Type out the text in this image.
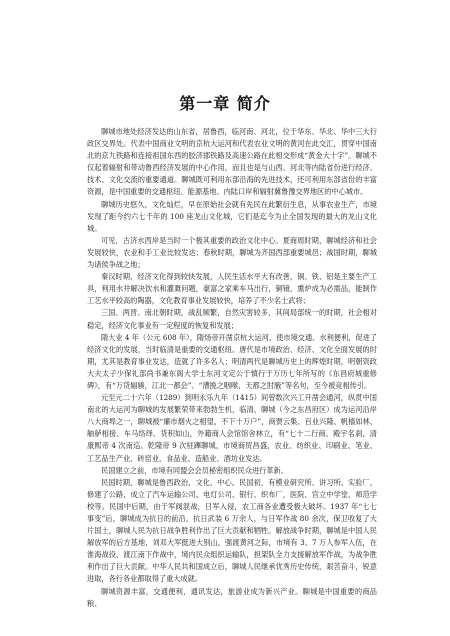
第一章 简介

聊城市地处经济发达的山东省，居鲁西，临河南、河北，位于华东、华北、华中三大行政区交界处。代表中国商业文明的京杭大运河和代表农业文明的黄河在此交汇，贯穿中国南北的京九铁路和连接祖国东西的胶济邯铁路及高速公路在此相交形成“黄金大十字”。聊城不仅起着辐射和带动鲁西经济发展的中心作用，而且也是与山西、河北等内陆省份进行经济、技术、文化交流的重要通道。聊城既可利用东部沿海的先进技术，还可利用东部省份的丰富资源，是中国重要的交通枢纽、能源基地、内陆口岸和辐射冀鲁豫交界地区的中心城市。

聊城历史悠久，文化灿烂，早在原始社会就有先民在此繁衍生息，从事农业生产，市境发现了距今约六七千年的 100 座龙山文化城，它们是迄今为止全国发现的最大的龙山文化城。

可见，古济水西岸是当时一个极其重要的政治文化中心。夏商周时期，聊城经济和社会发展较快，农业和手工业比较发达；春秋时期，聊城为齐国西部重要城邑；战国时期，聊城为诸侯争战之地；

秦汉时期，经济文化得到较快发展，人民生活水平大有改善，铜、铁、铝是主要生产工具，利用水井解决饮水和灌溉问题，豪富之家乘车马出行，铜镜、熏炉成为必需品，能制作工艺水平较高的陶器，文化教育事业发展较快，培养了不少名士武将；

三国、两晋、南北朝时期，战乱频繁，自然灾害较多，其间局部统一的时期，社会相对稳定，经济文化事业有一定程度的恢复和发展；

隋大业 4 年（公元 608 年），隋炀帝开凿京杭大运河，使市境交通、水利便利，促进了经济文化的发展，当时临清是重要的交通枢纽。唐代是市境政治、经济、文化全面发展的时期，尤其是教育事业发达，造就了许多名人；明清两代是聊城历史上的辉煌时期，明朝资政大夫太子少保礼部尚书兼东阁大学士东河文定公于慎行于万历七年所写的《东昌府城重修碑》，有“万货辐辏，江北一都会”、“漕挽之咽喉，天都之肘腋”等名句，至今被竞相传引。

元至元二十六年（1289）到明永乐九年（1415）间曾数次兴工开凿会通河，纵贯中国南北的大运河为聊城的发展繁荣带来勃勃生机，临清、聊城（今之东昌府区）成为运河沿岸八大商埠之一，聊城被“廉市烟火之相望，不下十万户”，商贾云集、百业兴隆、帆樯如林、舳舻相接、车马络绎、货积如山，外籍商人会馆馆舍林立，有“七十二行商、殿宇名刹，清康熙帝 4 次南巡、乾隆帝 9 次驻蹕聊城，市境商贸昌盛，农业、纺织业、印刷业、笔业、工艺品生产业、砖窑业、食品业、造船业、酒坊业发达。

民国建立之前，市境有同盟会会员秘密组织民众进行革新。

民国时期，聊城是鲁西政治、文化、中心。民国初，有模业研究所、讲习所、实验厂，修建了公路，成立了汽车运输公司、电灯公司、银行、织布厂，医院、官立中学堂、师范学校等。民国中后期，由于军阀混战，日军入侵，农工商各业遭受极大破坏。1937 年“七七事变”后，聊城成为抗日的前沿。抗日武装 6 万余人，与日军作战 80 余次，保卫收复了大片国土，聊城人民为抗日战争胜利作出了巨大贡献和牺牲。解放战争时期，聊城是中国人民解放军的后方基地，刘邓大军挺进大别山，强渡黄河之际，市境有 3、7 万人参军入伍，在淮海战役、渡江南下作战中，境内民众组织运输队，担架队全力支援解放军作战，为战争胜利作出了巨大贡献。中华人民共和国成立后，聊城人民继承优秀历史传统，艰苦奋斗，锐意进取，各行各业都取得了重大成就。

聊城资源丰富，交通便利，通讯发达，旅游业成为新兴产业。聊城是中国重要的商品粮、
